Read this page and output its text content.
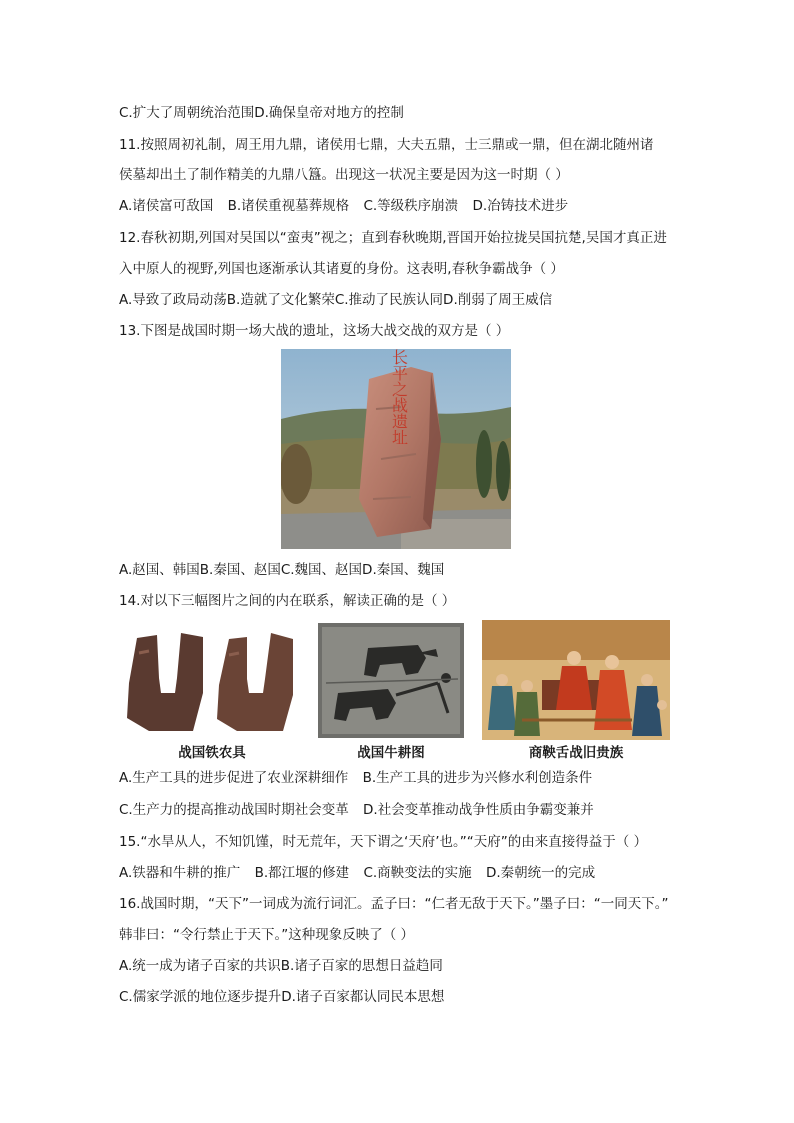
C.扩大了周朝统治范围D.确保皇帝对地方的控制
11.按照周初礼制，周王用九鼎，诸侯用七鼎，大夫五鼎，士三鼎或一鼎，但在湖北随州诸
侯墓却出土了制作精美的九鼎八簋。出现这一状况主要是因为这一时期（ ）
A.诸侯富可敌国 B.诸侯重视墓葬规格 C.等级秩序崩溃 D.冶铸技术进步
12.春秋初期,列国对吴国以“蛮夷”视之；直到春秋晚期,晋国开始拉拢吴国抗楚,吴国才真正进
入中原人的视野,列国也逐渐承认其诸夏的身份。这表明,春秋争霸战争（ ）
A.导致了政局动荡B.造就了文化繁荣C.推动了民族认同D.削弱了周王威信
13.下图是战国时期一场大战的遗址，这场大战交战的双方是（ ）
长平之战遗址
A.赵国、韩国B.秦国、赵国C.魏国、赵国D.秦国、魏国
14.对以下三幅图片之间的内在联系，解读正确的是（ ）
战国铁农具	战国牛耕图	商鞅舌战旧贵族
A.生产工具的进步促进了农业深耕细作 B.生产工具的进步为兴修水利创造条件
C.生产力的提高推动战国时期社会变革 D.社会变革推动战争性质由争霸变兼并
15.“水旱从人，不知饥馑，时无荒年，天下谓之‘天府’也。”“天府”的由来直接得益于（ ）
A.铁器和牛耕的推广 B.都江堰的修建 C.商鞅变法的实施 D.秦朝统一的完成
16.战国时期，“天下”一词成为流行词汇。孟子曰：“仁者无敌于天下。”墨子曰：“一同天下。”
韩非曰：“令行禁止于天下。”这种现象反映了（ ）
A.统一成为诸子百家的共识B.诸子百家的思想日益趋同
C.儒家学派的地位逐步提升D.诸子百家都认同民本思想
